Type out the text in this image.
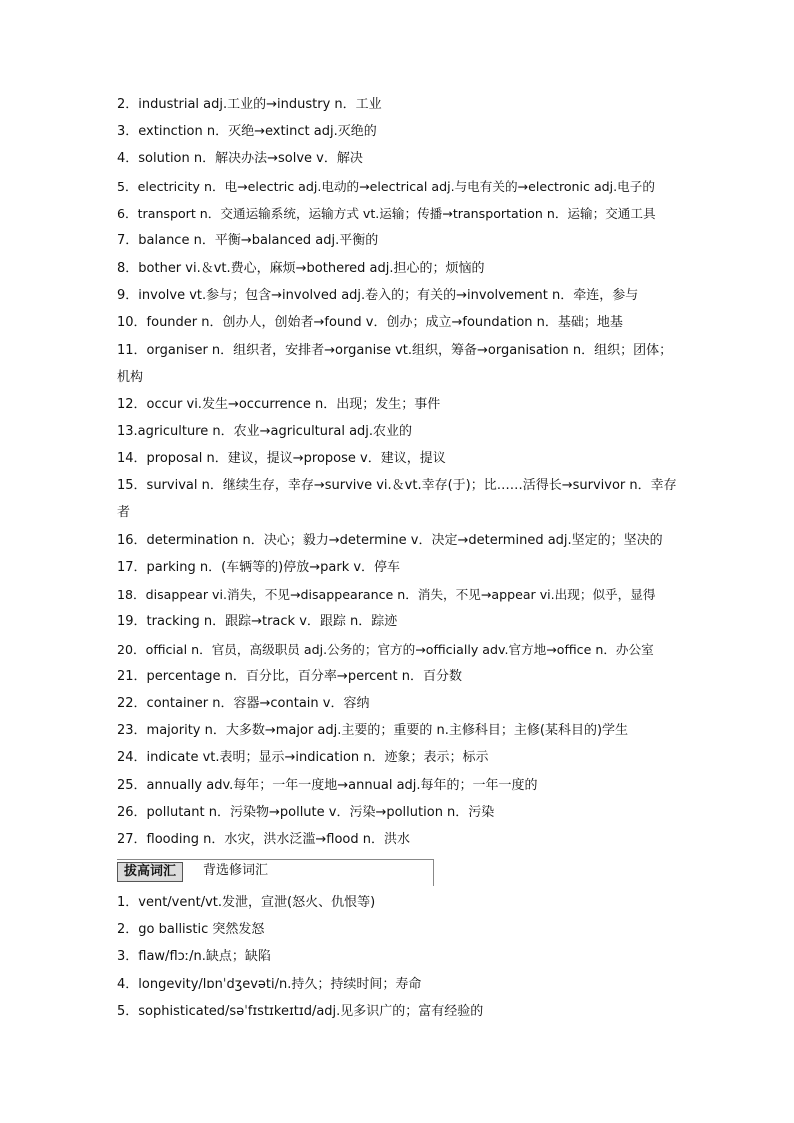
2．industrial adj.工业的→industry n．工业
3．extinction n．灭绝→extinct adj.灭绝的
4．solution n．解决办法→solve v．解决
5．electricity n．电→electric adj.电动的→electrical adj.与电有关的→electronic adj.电子的
6．transport n．交通运输系统，运输方式 vt.运输；传播→transportation n．运输；交通工具
7．balance n．平衡→balanced adj.平衡的
8．bother vi.＆vt.费心，麻烦→bothered adj.担心的；烦恼的
9．involve vt.参与；包含→involved adj.卷入的；有关的→involvement n．牵连，参与
10．founder n．创办人，创始者→found v．创办；成立→foundation n．基础；地基
11．organiser n．组织者，安排者→organise vt.组织，筹备→organisation n．组织；团体；机构
12．occur vi.发生→occurrence n．出现；发生；事件
13.agriculture n．农业→agricultural adj.农业的
14．proposal n．建议，提议→propose v．建议，提议
15．survival n．继续生存，幸存→survive vi.＆vt.幸存(于)；比……活得长→survivor n．幸存者
16．determination n．决心；毅力→determine v．决定→determined adj.坚定的；坚决的
17．parking n．(车辆等的)停放→park v．停车
18．disappear vi.消失，不见→disappearance n．消失，不见→appear vi.出现；似乎，显得
19．tracking n．跟踪→track v．跟踪 n．踪迹
20．official n．官员，高级职员 adj.公务的；官方的→officially adv.官方地→office n．办公室
21．percentage n．百分比，百分率→percent n．百分数
22．container n．容器→contain v．容纳
23．majority n．大多数→major adj.主要的；重要的 n.主修科目；主修(某科目的)学生
24．indicate vt.表明；显示→indication n．迹象；表示；标示
25．annually adv.每年；一年一度地→annual adj.每年的；一年一度的
26．pollutant n．污染物→pollute v．污染→pollution n．污染
27．flooding n．水灾，洪水泛滥→flood n．洪水
拔高词汇	背选修词汇
1．vent/vent/vt.发泄，宣泄(怒火、仇恨等)
2．go ballistic 突然发怒
3．flaw/flɔː/n.缺点；缺陷
4．longevity/lɒnˈdʒevəti/n.持久；持续时间；寿命
5．sophisticated/səˈfɪstɪkeɪtɪd/adj.见多识广的；富有经验的
